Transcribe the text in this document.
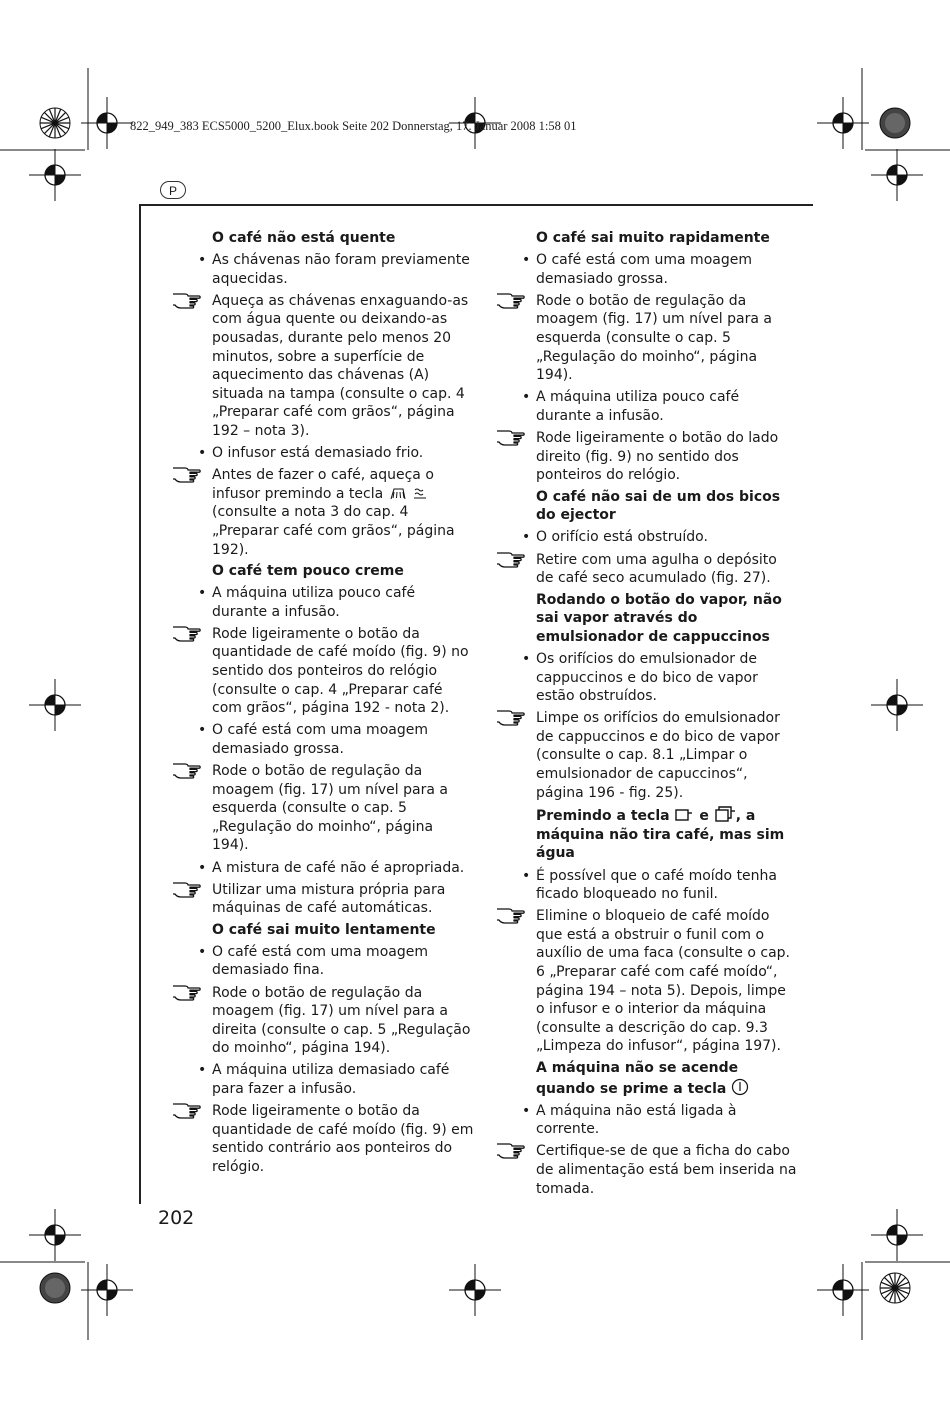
822_949_383 ECS5000_5200_Elux.book Seite 202 Donnerstag, 17. Januar 2008 1:58 01
P
O café não está quente
• As chávenas não foram previamente aquecidas.
Aqueça as chávenas enxaguando-as com água quente ou deixando-as pousadas, durante pelo menos 20 minutos, sobre a superfície de aquecimento das chávenas (A) situada na tampa (consulte o cap. 4 „Preparar café com grãos“, página 192 – nota 3).
• O infusor está demasiado frio.
Antes de fazer o café, aqueça o infusor premindo a tecla   (consulte a nota 3 do cap. 4 „Preparar café com grãos“, página 192).
O café tem pouco creme
• A máquina utiliza pouco café durante a infusão.
Rode ligeiramente o botão da quantidade de café moído (fig. 9) no sentido dos ponteiros do relógio (consulte o cap. 4 „Preparar café com grãos“, página 192 - nota 2).
• O café está com uma moagem demasiado grossa.
Rode o botão de regulação da moagem (fig. 17) um nível para a esquerda (consulte o cap. 5 „Regulação do moinho“, página 194).
• A mistura de café não é apropriada.
Utilizar uma mistura própria para máquinas de café automáticas.
O café sai muito lentamente
• O café está com uma moagem demasiado fina.
Rode o botão de regulação da moagem (fig. 17) um nível para a direita (consulte o cap. 5 „Regulação do moinho“, página 194).
• A máquina utiliza demasiado café para fazer a infusão.
Rode ligeiramente o botão da quantidade de café moído (fig. 9) em sentido contrário aos ponteiros do relógio.
O café sai muito rapidamente
• O café está com uma moagem demasiado grossa.
Rode o botão de regulação da moagem (fig. 17) um nível para a esquerda (consulte o cap. 5 „Regulação do moinho“, página 194).
• A máquina utiliza pouco café durante a infusão.
Rode ligeiramente o botão do lado direito (fig. 9) no sentido dos ponteiros do relógio.
O café não sai de um dos bicos do ejector
• O orifício está obstruído.
Retire com uma agulha o depósito de café seco acumulado (fig. 27).
Rodando o botão do vapor, não sai vapor através do emulsionador de cappuccinos
• Os orifícios do emulsionador de cappuccinos e do bico de vapor estão obstruídos.
Limpe os orifícios do emulsionador de cappuccinos e do bico de vapor (consulte o cap. 8.1 „Limpar o emulsionador de capuccinos“, página 196 - fig. 25).
Premindo a tecla e , a máquina não tira café, mas sim água
• É possível que o café moído tenha ficado bloqueado no funil.
Elimine o bloqueio de café moído que está a obstruir o funil com o auxílio de uma faca (consulte o cap. 6 „Preparar café com café moído“, página 194 – nota 5). Depois, limpe o infusor e o interior da máquina (consulte a descrição do cap. 9.3 „Limpeza do infusor“, página 197).
A máquina não se acende quando se prime a tecla
• A máquina não está ligada à corrente.
Certifique-se de que a ficha do cabo de alimentação está bem inserida na tomada.
202
